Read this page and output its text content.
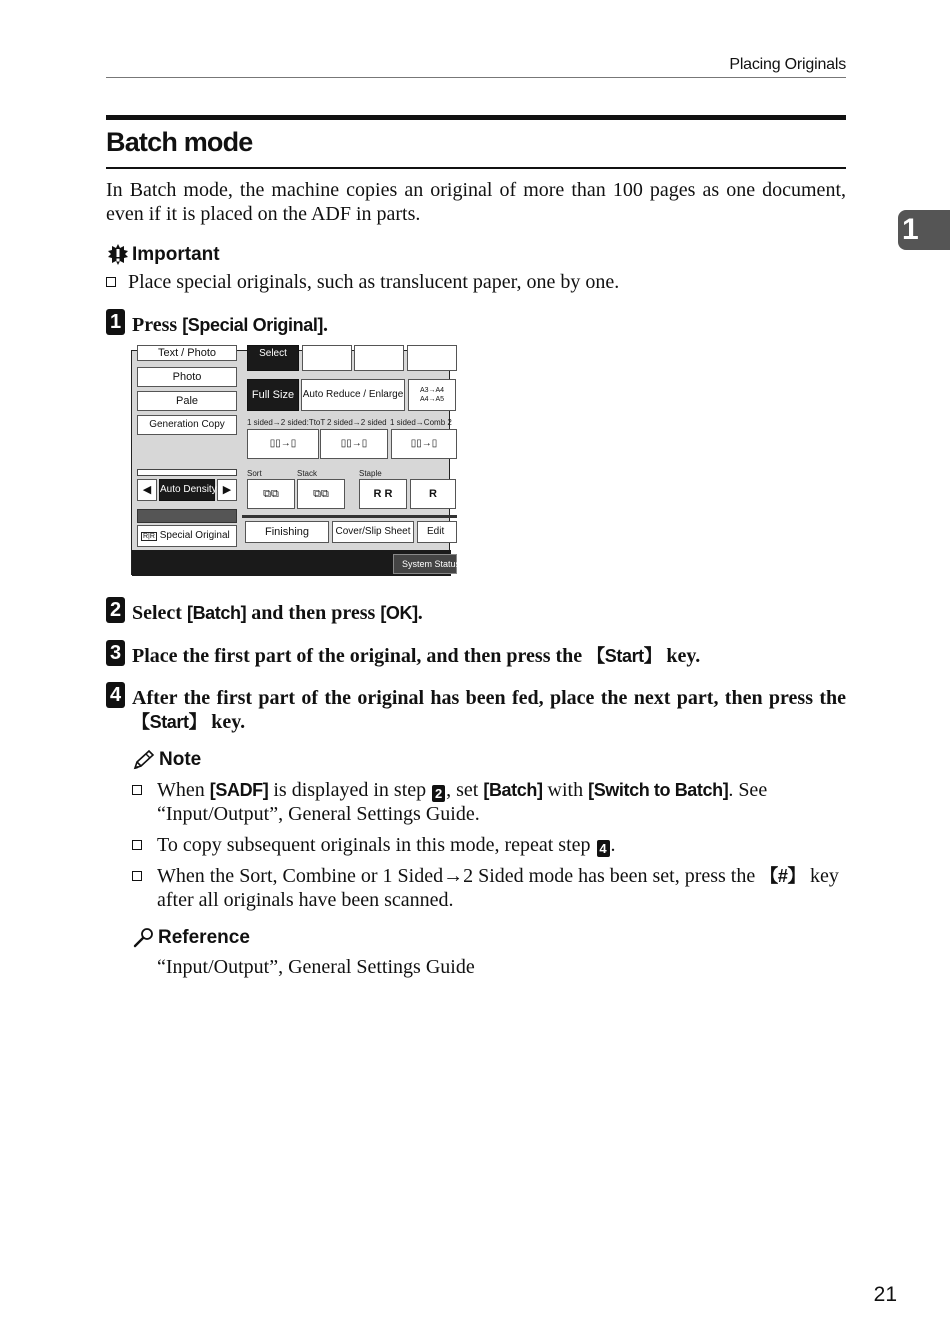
Placing Originals
1
Batch mode
In Batch mode, the machine copies an original of more than 100 pages as one document, even if it is placed on the ADF in parts.
Important
Place special originals, such as translucent paper, one by one.
1 Press [Special Original].
Text / Photo
Photo
Pale
Generation Copy
◀ Auto Density ▶
R|R Special Original
Select
Full Size Auto Reduce / Enlarge	A3→A4
A4→A5
1 sided→2 sided:TtoT 2 sided→2 sided 1 sided→Comb 2
▯▯→▯	▯▯→▯	▯▯→▯
Sort	Stack	Staple
⧉⧉	⧉⧉	R R	R
Finishing	Cover/Slip Sheet	Edit
System Status
2 Select [Batch] and then press [OK].
3 Place the first part of the original, and then press the 【Start】 key.
4 After the first part of the original has been fed, place the next part, then press the 【Start】 key.
Note
When [SADF] is displayed in step 2 , set [Batch] with [Switch to Batch]. See “Input/Output”, General Settings Guide.
To copy subsequent originals in this mode, repeat step 4 .
When the Sort, Combine or 1 Sided→2 Sided mode has been set, press the 【#】 key after all originals have been scanned.
Reference
“Input/Output”, General Settings Guide
21
